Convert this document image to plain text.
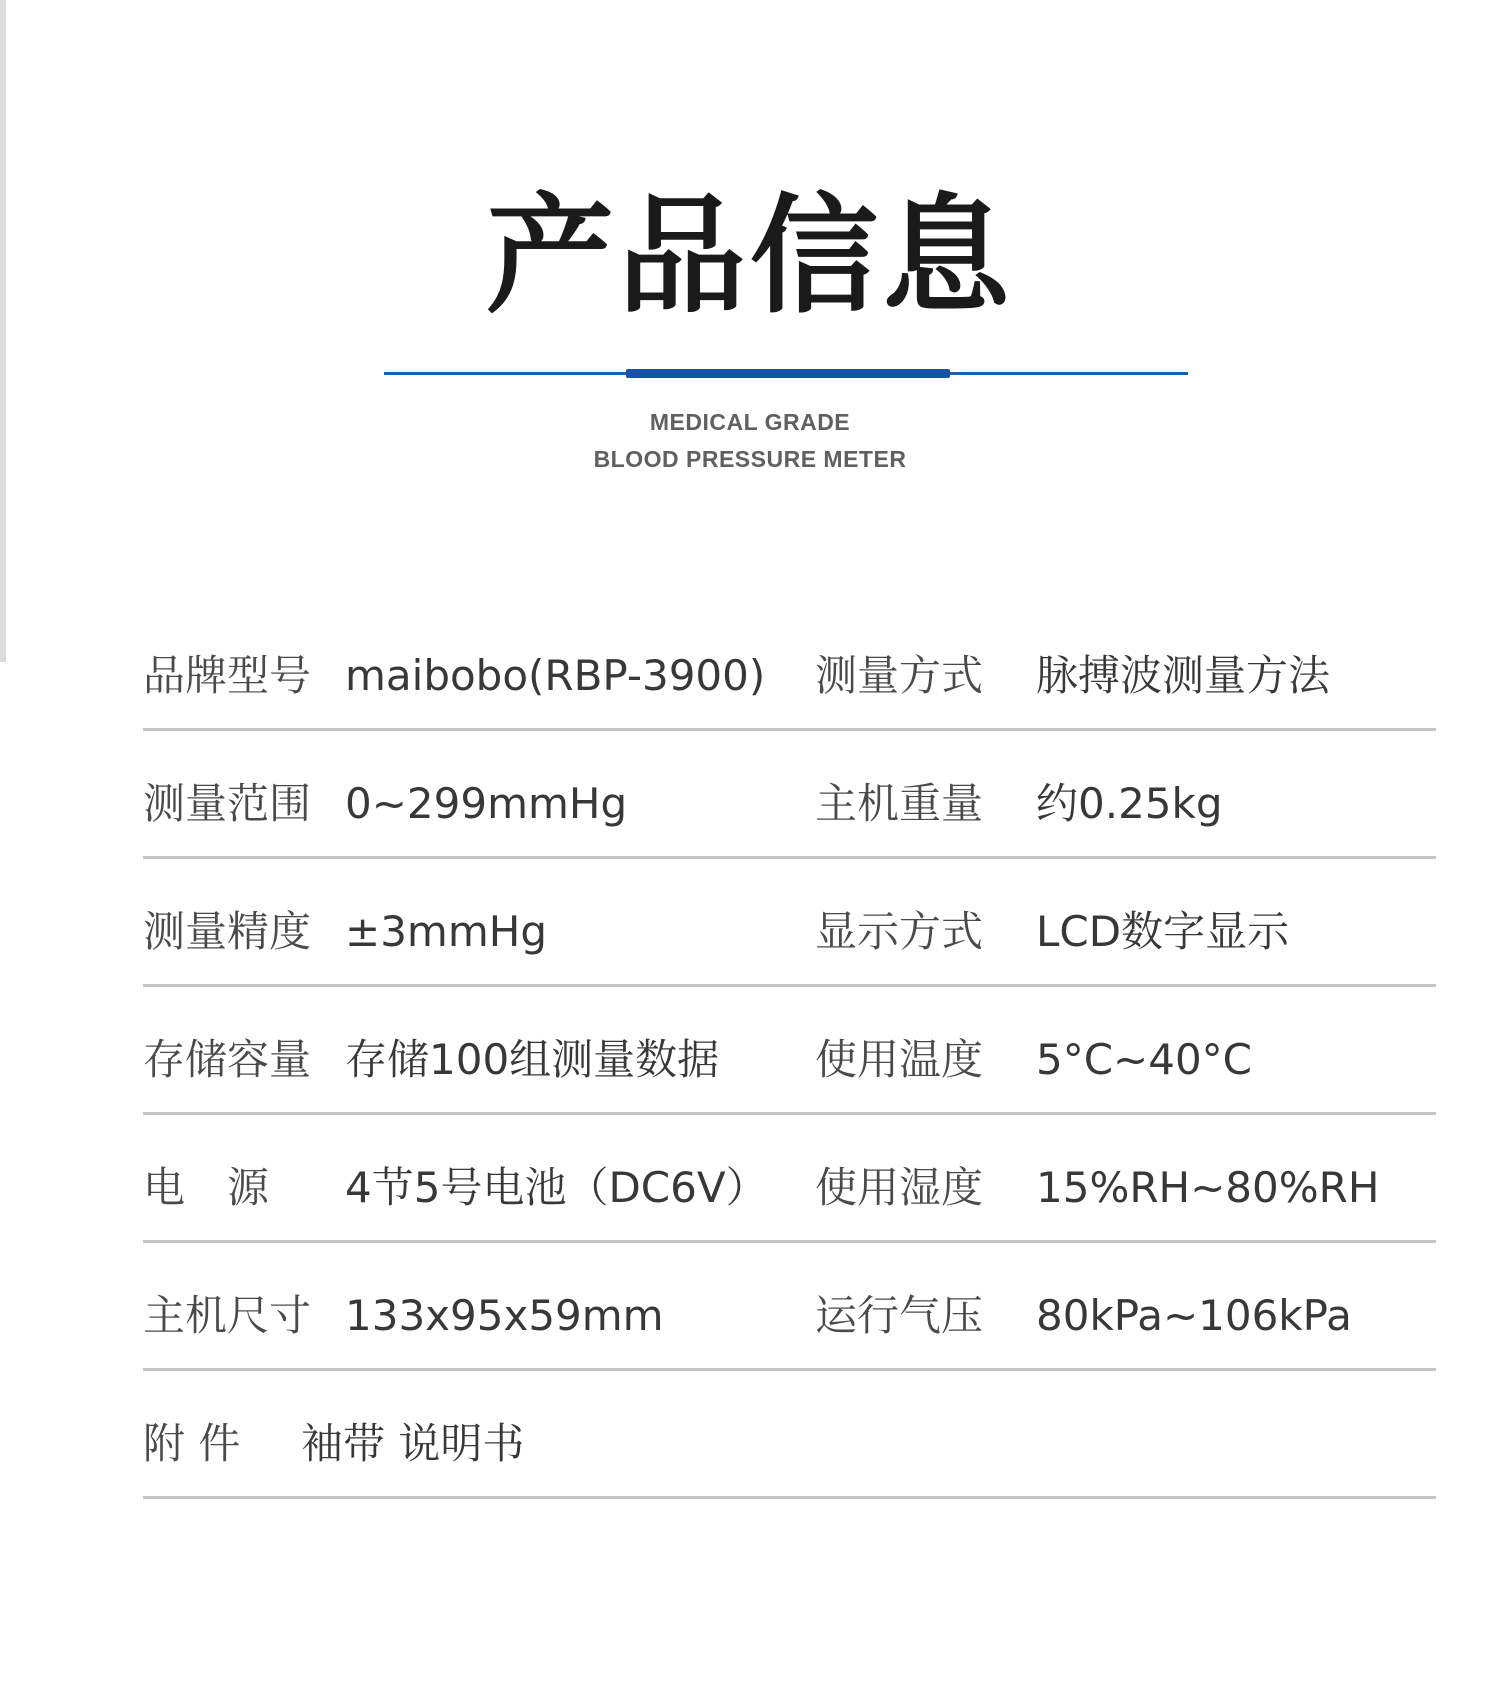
产品信息
MEDICAL GRADE
BLOOD PRESSURE METER
品牌型号 maibobo(RBP-3900) 测量方式 脉搏波测量方法
测量范围 0~299mmHg	主机重量 约0.25kg
测量精度 ±3mmHg	显示方式 LCD数字显示
存储容量 存储100组测量数据 使用温度 5°C~40°C
电　源 4节5号电池（DC6V） 使用湿度 15%RH~80%RH
主机尺寸 133x95x59mm	运行气压 80kPa~106kPa
附 件 袖带 说明书
